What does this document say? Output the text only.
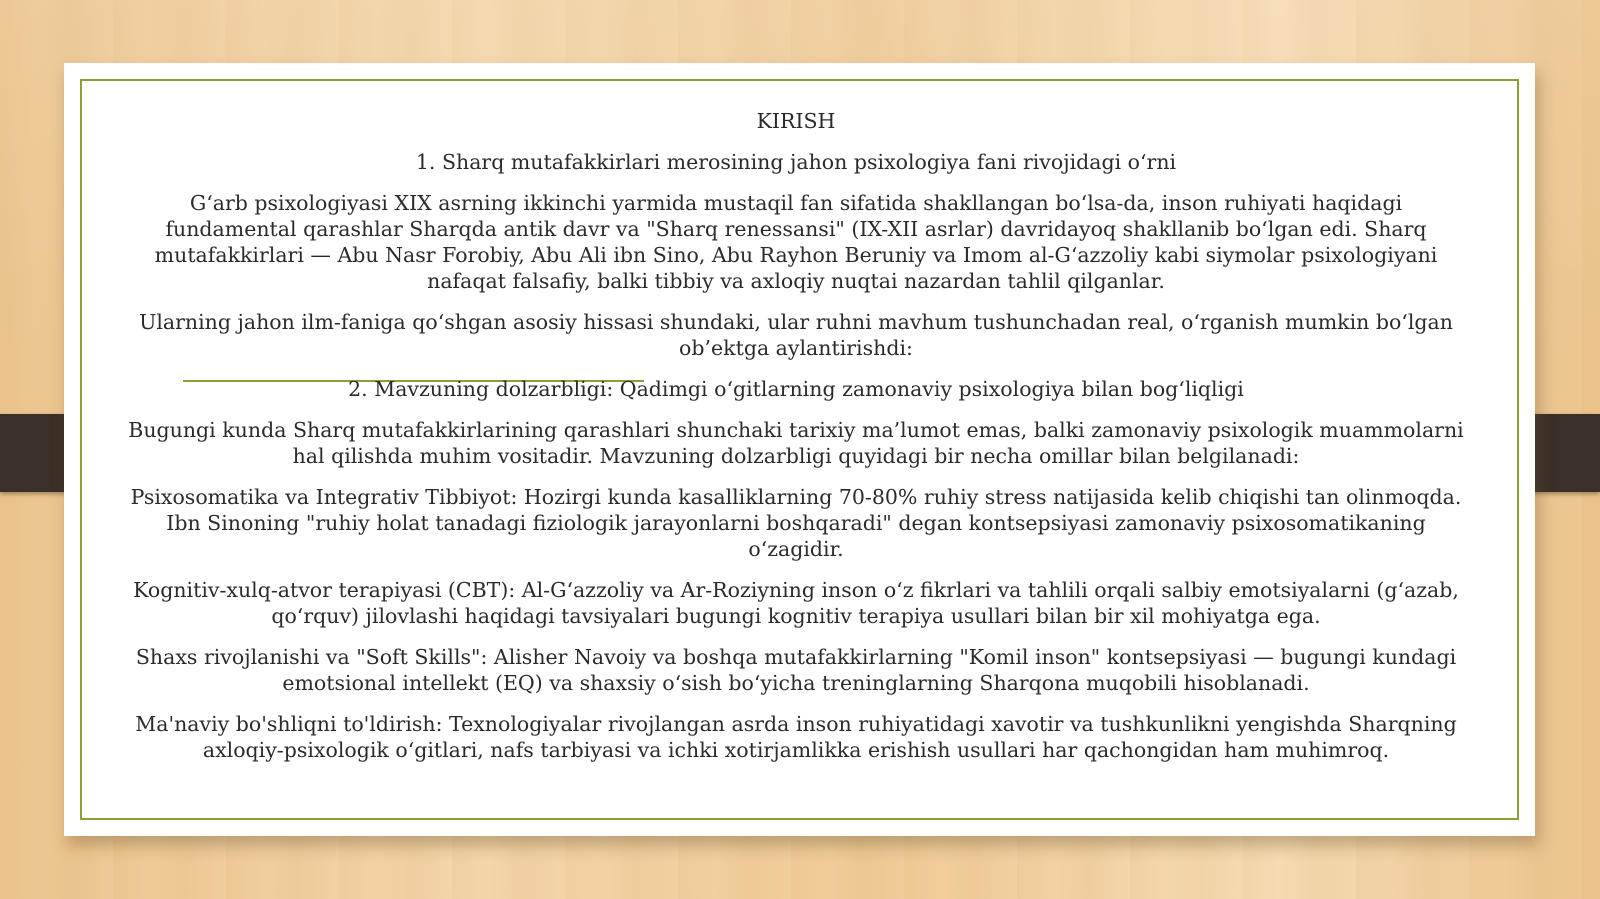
KIRISH

1. Sharq mutafakkirlari merosining jahon psixologiya fani rivojidagi o‘rni

G‘arb psixologiyasi XIX asrning ikkinchi yarmida mustaqil fan sifatida shakllangan bo‘lsa-da, inson ruhiyati haqidagi fundamental qarashlar Sharqda antik davr va "Sharq renessansi" (IX-XII asrlar) davridayoq shakllanib bo‘lgan edi. Sharq mutafakkirlari — Abu Nasr Forobiy, Abu Ali ibn Sino, Abu Rayhon Beruniy va Imom al-G‘azzoliy kabi siymolar psixologiyani nafaqat falsafiy, balki tibbiy va axloqiy nuqtai nazardan tahlil qilganlar.

Ularning jahon ilm-faniga qo‘shgan asosiy hissasi shundaki, ular ruhni mavhum tushunchadan real, o‘rganish mumkin bo‘lgan ob’ektga aylantirishdi:

2. Mavzuning dolzarbligi: Qadimgi o‘gitlarning zamonaviy psixologiya bilan bog‘liqligi

Bugungi kunda Sharq mutafakkirlarining qarashlari shunchaki tarixiy ma’lumot emas, balki zamonaviy psixologik muammolarni hal qilishda muhim vositadir. Mavzuning dolzarbligi quyidagi bir necha omillar bilan belgilanadi:

Psixosomatika va Integrativ Tibbiyot: Hozirgi kunda kasalliklarning 70-80% ruhiy stress natijasida kelib chiqishi tan olinmoqda. Ibn Sinoning "ruhiy holat tanadagi fiziologik jarayonlarni boshqaradi" degan kontsepsiyasi zamonaviy psixosomatikaning o‘zagidir.

Kognitiv-xulq-atvor terapiyasi (CBT): Al-G‘azzoliy va Ar-Roziyning inson o‘z fikrlari va tahlili orqali salbiy emotsiyalarni (g‘azab, qo‘rquv) jilovlashi haqidagi tavsiyalari bugungi kognitiv terapiya usullari bilan bir xil mohiyatga ega.

Shaxs rivojlanishi va "Soft Skills": Alisher Navoiy va boshqa mutafakkirlarning "Komil inson" kontsepsiyasi — bugungi kundagi emotsional intellekt (EQ) va shaxsiy o‘sish bo‘yicha treninglarning Sharqona muqobili hisoblanadi.

Ma'naviy bo'shliqni to'ldirish: Texnologiyalar rivojlangan asrda inson ruhiyatidagi xavotir va tushkunlikni yengishda Sharqning axloqiy-psixologik o‘gitlari, nafs tarbiyasi va ichki xotirjamlikka erishish usullari har qachongidan ham muhimroq.
